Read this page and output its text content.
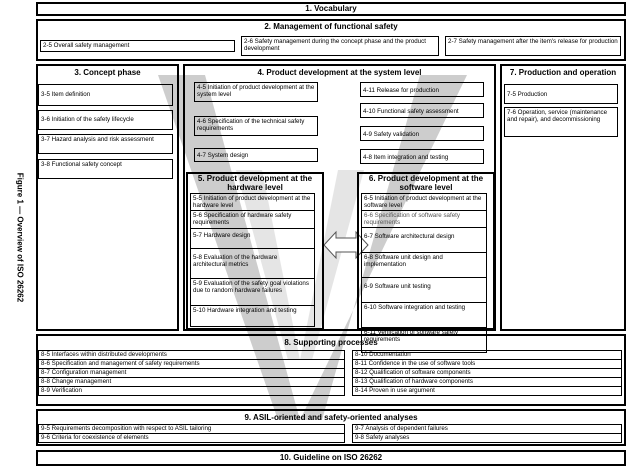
Figure 1 — Overview of ISO 26262
1. Vocabulary
2. Management of functional safety
2-5 Overall safety management
2-6 Safety management during the concept phase and the product development
2-7 Safety management after the item's release for production
3. Concept phase
3-5 Item definition
3-6 Initiation of the safety lifecycle
3-7 Hazard analysis and risk assessment
3-8 Functional safety concept
4. Product development at the system level
4-5 Initiation of product development at the system level
4-6 Specification of the technical safety requirements
4-7 System design
4-11 Release for production
4-10 Functional safety assessment
4-9 Safety validation
4-8 Item integration and testing
7. Production and operation
7-5 Production
7-6 Operation, service (maintenance and repair), and decommissioning
5. Product development at the hardware level
5-5 Initiation of product development at the hardware level
5-6 Specification of hardware safety requirements
5-7 Hardware design
5-8 Evaluation of the hardware architectural metrics
5-9 Evaluation of the safety goal violations due to random hardware failures
5-10 Hardware integration and testing
6. Product development at the software level
6-5 Initiation of product development at the software level
6-6 Specification of software safety requirements
6-7 Software architectural design
6-8 Software unit design and implementation
6-9 Software unit testing
6-10 Software integration and testing
6-11 Verification of software safety requirements
8. Supporting processes
8-5 Interfaces within distributed developments
8-6 Specification and management of safety requirements
8-7 Configuration management
8-8 Change management
8-9 Verification
8-10 Documentation
8-11 Confidence in the use of software tools
8-12 Qualification of software components
8-13 Qualification of hardware components
8-14 Proven in use argument
9. ASIL-oriented and safety-oriented analyses
9-5 Requirements decomposition with respect to ASIL tailoring
9-6 Criteria for coexistence of elements
9-7 Analysis of dependent failures
9-8 Safety analyses
10. Guideline on ISO 26262
